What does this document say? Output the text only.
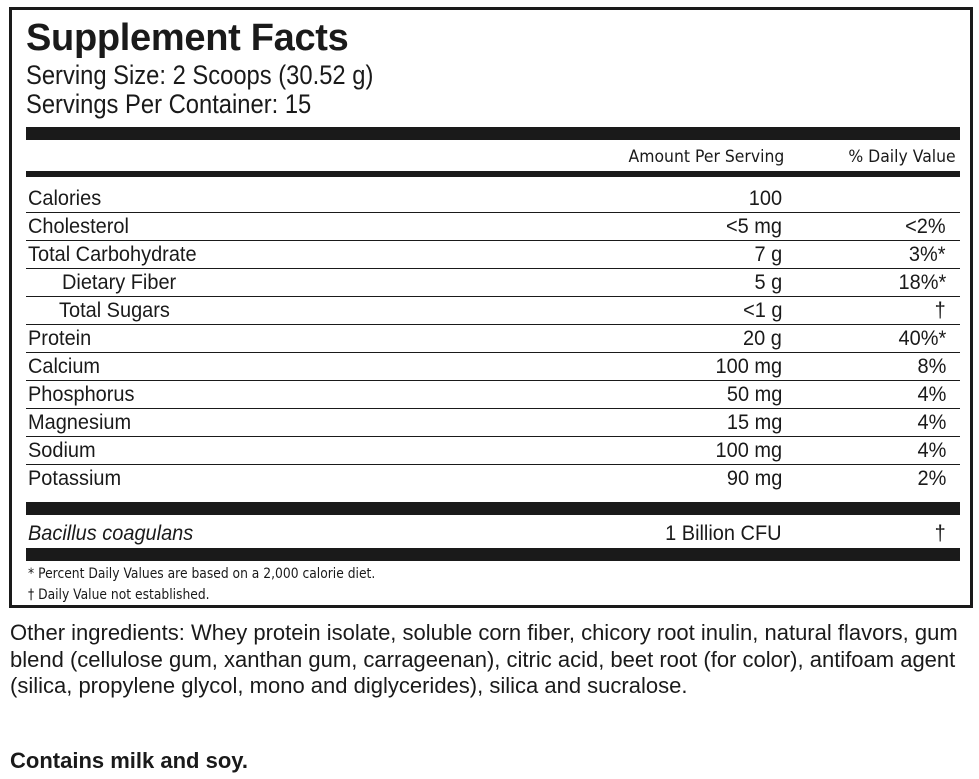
Supplement Facts
Serving Size: 2 Scoops (30.52 g)
Servings Per Container: 15
Amount Per Serving	% Daily Value
Calories	100
Cholesterol	<5 mg	<2%
Total Carbohydrate	7 g	3%*
Dietary Fiber	5 g	18%*
Total Sugars	<1 g	†
Protein	20 g	40%*
Calcium	100 mg	8%
Phosphorus	50 mg	4%
Magnesium	15 mg	4%
Sodium	100 mg	4%
Potassium	90 mg	2%
Bacillus coagulans	1 Billion CFU	†
* Percent Daily Values are based on a 2,000 calorie diet.
† Daily Value not established.

Other ingredients: Whey protein isolate, soluble corn fiber, chicory root inulin, natural flavors, gum blend (cellulose gum, xanthan gum, carrageenan), citric acid, beet root (for color), antifoam agent (silica, propylene glycol, mono and diglycerides), silica and sucralose.

Contains milk and soy.
